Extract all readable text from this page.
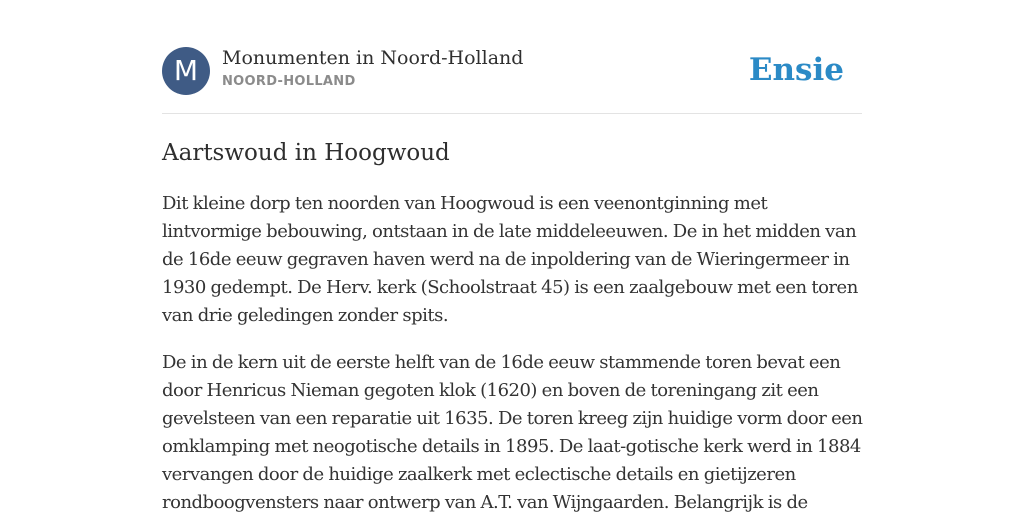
M	Monumenten in Noord-Holland
NOORD-HOLLAND	Ensie
Aartswoud in Hoogwoud

Dit kleine dorp ten noorden van Hoogwoud is een veenontginning met
lintvormige bebouwing, ontstaan in de late middeleeuwen. De in het midden van
de 16de eeuw gegraven haven werd na de inpoldering van de Wieringermeer in
1930 gedempt. De Herv. kerk (Schoolstraat 45) is een zaalgebouw met een toren
van drie geledingen zonder spits.

De in de kern uit de eerste helft van de 16de eeuw stammende toren bevat een
door Henricus Nieman gegoten klok (1620) en boven de toreningang zit een
gevelsteen van een reparatie uit 1635. De toren kreeg zijn huidige vorm door een
omklamping met neogotische details in 1895. De laat-gotische kerk werd in 1884
vervangen door de huidige zaalkerk met eclectische details en gietijzeren
rondboogvensters naar ontwerp van A.T. van Wijngaarden. Belangrijk is de
